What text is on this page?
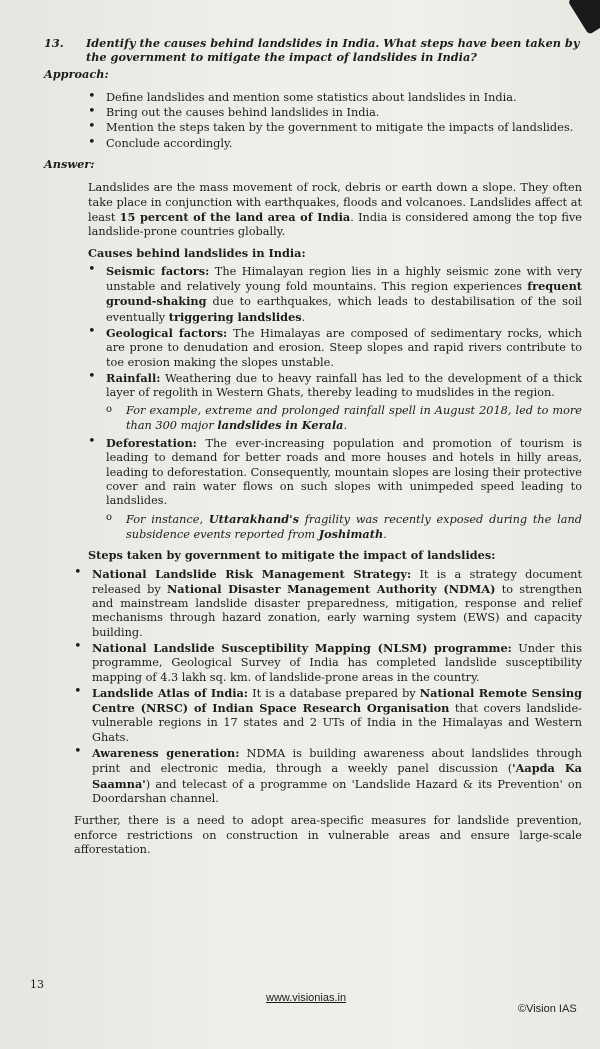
13.	Identify the causes behind landslides in India. What steps have been taken by the government to mitigate the impact of landslides in India?
Approach:
• Define landslides and mention some statistics about landslides in India.
• Bring out the causes behind landslides in India.
• Mention the steps taken by the government to mitigate the impacts of landslides.
• Conclude accordingly.
Answer:

Landslides are the mass movement of rock, debris or earth down a slope. They often take place in conjunction with earthquakes, floods and volcanoes. Landslides affect at least 15 percent of the land area of India. India is considered among the top five landslide-prone countries globally.

Causes behind landslides in India:
• Seismic factors: The Himalayan region lies in a highly seismic zone with very unstable and relatively young fold mountains. This region experiences frequent ground-shaking due to earthquakes, which leads to destabilisation of the soil eventually triggering landslides.
• Geological factors: The Himalayas are composed of sedimentary rocks, which are prone to denudation and erosion. Steep slopes and rapid rivers contribute to toe erosion making the slopes unstable.
• Rainfall: Weathering due to heavy rainfall has led to the development of a thick layer of regolith in Western Ghats, thereby leading to mudslides in the region.
o For example, extreme and prolonged rainfall spell in August 2018, led to more than 300 major landslides in Kerala.
• Deforestation: The ever-increasing population and promotion of tourism is leading to demand for better roads and more houses and hotels in hilly areas, leading to deforestation. Consequently, mountain slopes are losing their protective cover and rain water flows on such slopes with unimpeded speed leading to landslides.
o For instance, Uttarakhand's fragility was recently exposed during the land subsidence events reported from Joshimath.
Steps taken by government to mitigate the impact of landslides:
• National Landslide Risk Management Strategy: It is a strategy document released by National Disaster Management Authority (NDMA) to strengthen and mainstream landslide disaster preparedness, mitigation, response and relief mechanisms through hazard zonation, early warning system (EWS) and capacity building.
• National Landslide Susceptibility Mapping (NLSM) programme: Under this programme, Geological Survey of India has completed landslide susceptibility mapping of 4.3 lakh sq. km. of landslide-prone areas in the country.
• Landslide Atlas of India: It is a database prepared by National Remote Sensing Centre (NRSC) of Indian Space Research Organisation that covers landslide-vulnerable regions in 17 states and 2 UTs of India in the Himalayas and Western Ghats.
• Awareness generation: NDMA is building awareness about landslides through print and electronic media, through a weekly panel discussion ('Aapda Ka Saamna') and telecast of a programme on 'Landslide Hazard & its Prevention' on Doordarshan channel.

Further, there is a need to adopt area-specific measures for landslide prevention, enforce restrictions on construction in vulnerable areas and ensure large-scale afforestation.

13
www.visionias.in
©Vision IAS
